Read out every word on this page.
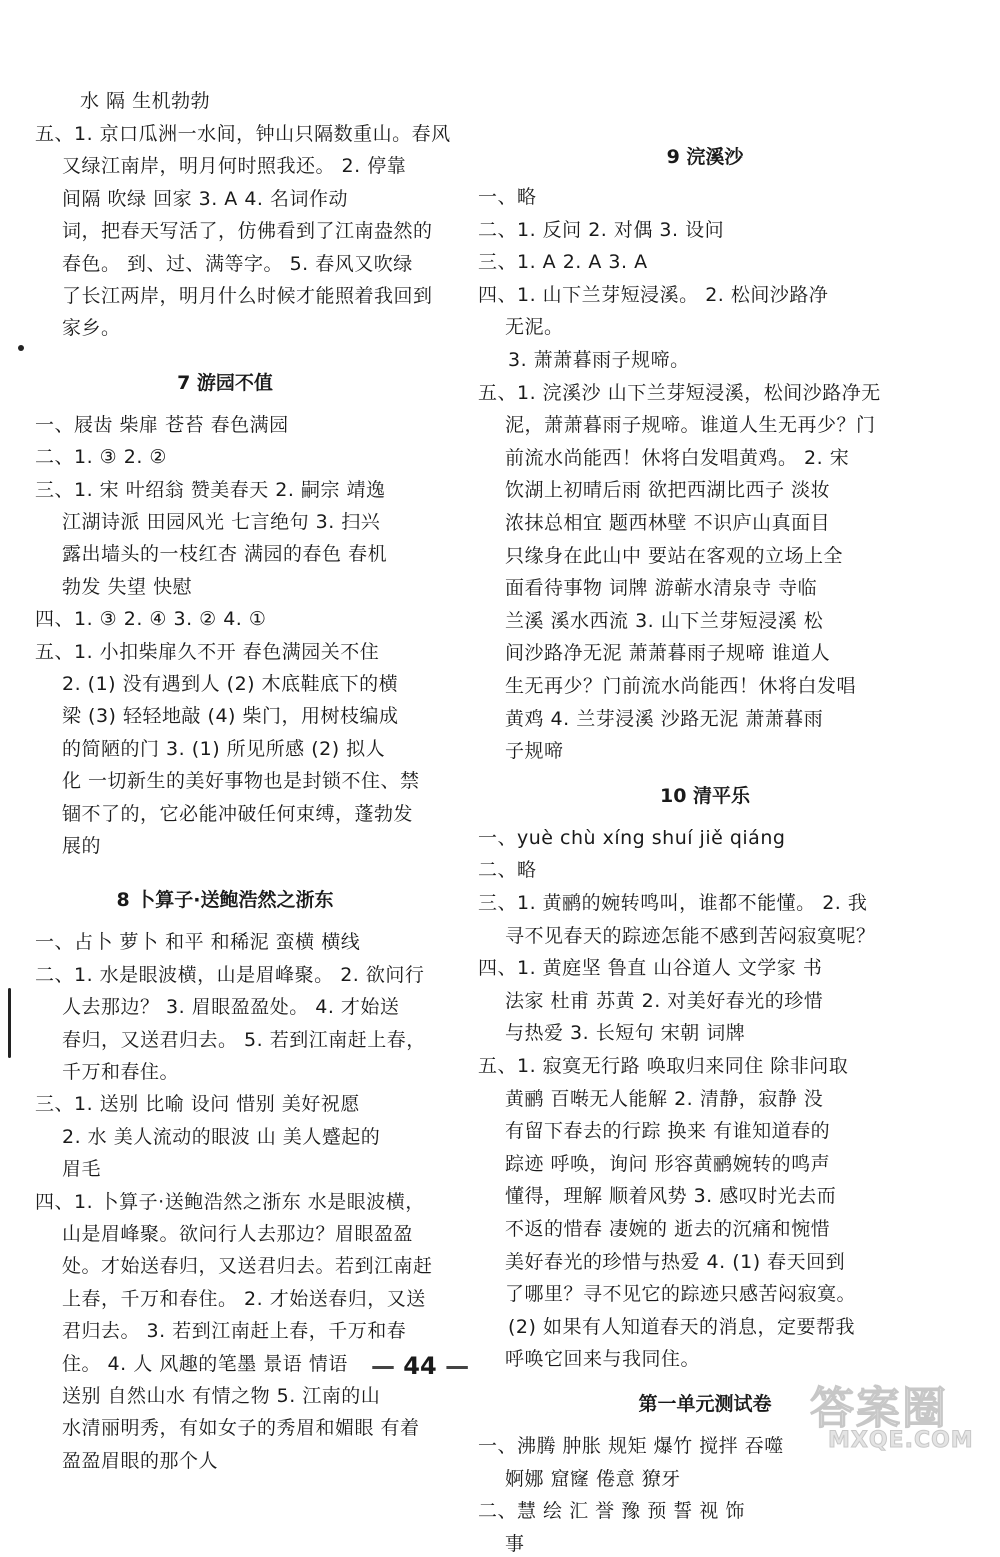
水 隔 生机勃勃
五、1. 京口瓜洲一水间，钟山只隔数重山。春风
又绿江南岸，明月何时照我还。 2. 停靠
间隔 吹绿 回家 3. A 4. 名词作动
词，把春天写活了，仿佛看到了江南盎然的
春色。 到、过、满等字。 5. 春风又吹绿
了长江两岸，明月什么时候才能照着我回到
家乡。
7 游园不值
一、屐齿 柴扉 苍苔 春色满园
二、1. ③ 2. ②
三、1. 宋 叶绍翁 赞美春天 2. 嗣宗 靖逸
江湖诗派 田园风光 七言绝句 3. 扫兴
露出墙头的一枝红杏 满园的春色 春机
勃发 失望 快慰
四、1. ③ 2. ④ 3. ② 4. ①
五、1. 小扣柴扉久不开 春色满园关不住
2. (1) 没有遇到人 (2) 木底鞋底下的横
梁 (3) 轻轻地敲 (4) 柴门，用树枝编成
的简陋的门 3. (1) 所见所感 (2) 拟人
化 一切新生的美好事物也是封锁不住、禁
锢不了的，它必能冲破任何束缚，蓬勃发
展的
8 卜算子·送鲍浩然之浙东
一、占卜 萝卜 和平 和稀泥 蛮横 横线
二、1. 水是眼波横，山是眉峰聚。 2. 欲问行
人去那边？ 3. 眉眼盈盈处。 4. 才始送
春归，又送君归去。 5. 若到江南赶上春，
千万和春住。
三、1. 送别 比喻 设问 惜别 美好祝愿
2. 水 美人流动的眼波 山 美人蹙起的
眉毛
四、1. 卜算子·送鲍浩然之浙东 水是眼波横，
山是眉峰聚。欲问行人去那边？眉眼盈盈
处。才始送春归，又送君归去。若到江南赶
上春，千万和春住。 2. 才始送春归，又送
君归去。 3. 若到江南赶上春，千万和春
住。 4. 人 风趣的笔墨 景语 情语
送别 自然山水 有情之物 5. 江南的山
水清丽明秀，有如女子的秀眉和媚眼 有着
盈盈眉眼的那个人
9 浣溪沙
一、略
二、1. 反问 2. 对偶 3. 设问
三、1. A 2. A 3. A
四、1. 山下兰芽短浸溪。 2. 松间沙路净
无泥。
3. 萧萧暮雨子规啼。
五、1. 浣溪沙 山下兰芽短浸溪，松间沙路净无
泥，萧萧暮雨子规啼。谁道人生无再少？门
前流水尚能西！休将白发唱黄鸡。 2. 宋
饮湖上初晴后雨 欲把西湖比西子 淡妆
浓抹总相宜 题西林壁 不识庐山真面目
只缘身在此山中 要站在客观的立场上全
面看待事物 词牌 游蕲水清泉寺 寺临
兰溪 溪水西流 3. 山下兰芽短浸溪 松
间沙路净无泥 萧萧暮雨子规啼 谁道人
生无再少？门前流水尚能西！休将白发唱
黄鸡 4. 兰芽浸溪 沙路无泥 萧萧暮雨
子规啼
10 清平乐
一、yuè chù xíng shuí jiě qiáng
二、略
三、1. 黄鹂的婉转鸣叫，谁都不能懂。 2. 我
寻不见春天的踪迹怎能不感到苦闷寂寞呢？
四、1. 黄庭坚 鲁直 山谷道人 文学家 书
法家 杜甫 苏黄 2. 对美好春光的珍惜
与热爱 3. 长短句 宋朝 词牌
五、1. 寂寞无行路 唤取归来同住 除非问取
黄鹂 百啭无人能解 2. 清静，寂静 没
有留下春去的行踪 换来 有谁知道春的
踪迹 呼唤，询问 形容黄鹂婉转的鸣声
懂得，理解 顺着风势 3. 感叹时光去而
不返的惜春 凄婉的 逝去的沉痛和惋惜
美好春光的珍惜与热爱 4. (1) 春天回到
了哪里？寻不见它的踪迹只感苦闷寂寞。
(2) 如果有人知道春天的消息，定要帮我
呼唤它回来与我同住。
第一单元测试卷
一、沸腾 肿胀 规矩 爆竹 搅拌 吞噬
婀娜 窟窿 倦意 獠牙
二、慧 绘 汇 誉 豫 预 誓 视 饰
事
— 44 —
答案圈
MXQE.COM
